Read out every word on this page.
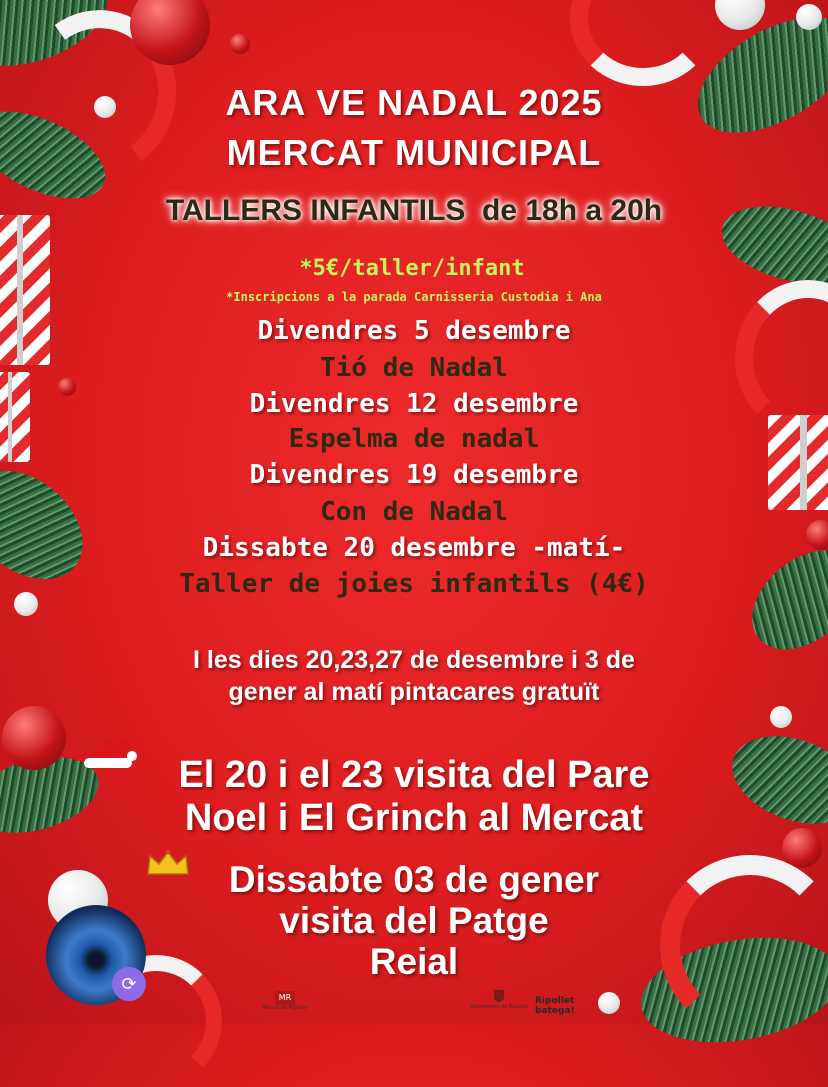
ARA VE NADAL 2025
MERCAT MUNICIPAL
TALLERS INFANTILS  de 18h a 20h
*5€/taller/infant
*Inscripcions a la parada Carnisseria Custodia i Ana
Divendres 5 desembre
Tió de Nadal
Divendres 12 desembre
Espelma de nadal
Divendres 19 desembre
Con de Nadal
Dissabte 20 desembre -matí-
Taller de joies infantils (4€)
I les dies 20,23,27 de desembre i 3 de
gener al matí pintacares gratuït
El 20 i el 23 visita del Pare
Noel i El Grinch al Mercat
Dissabte 03 de gener
visita del Patge
Reial
⟳
MR
Mercat de Ripollet	Ajuntament de Ripollet
Ripollet
batega!
